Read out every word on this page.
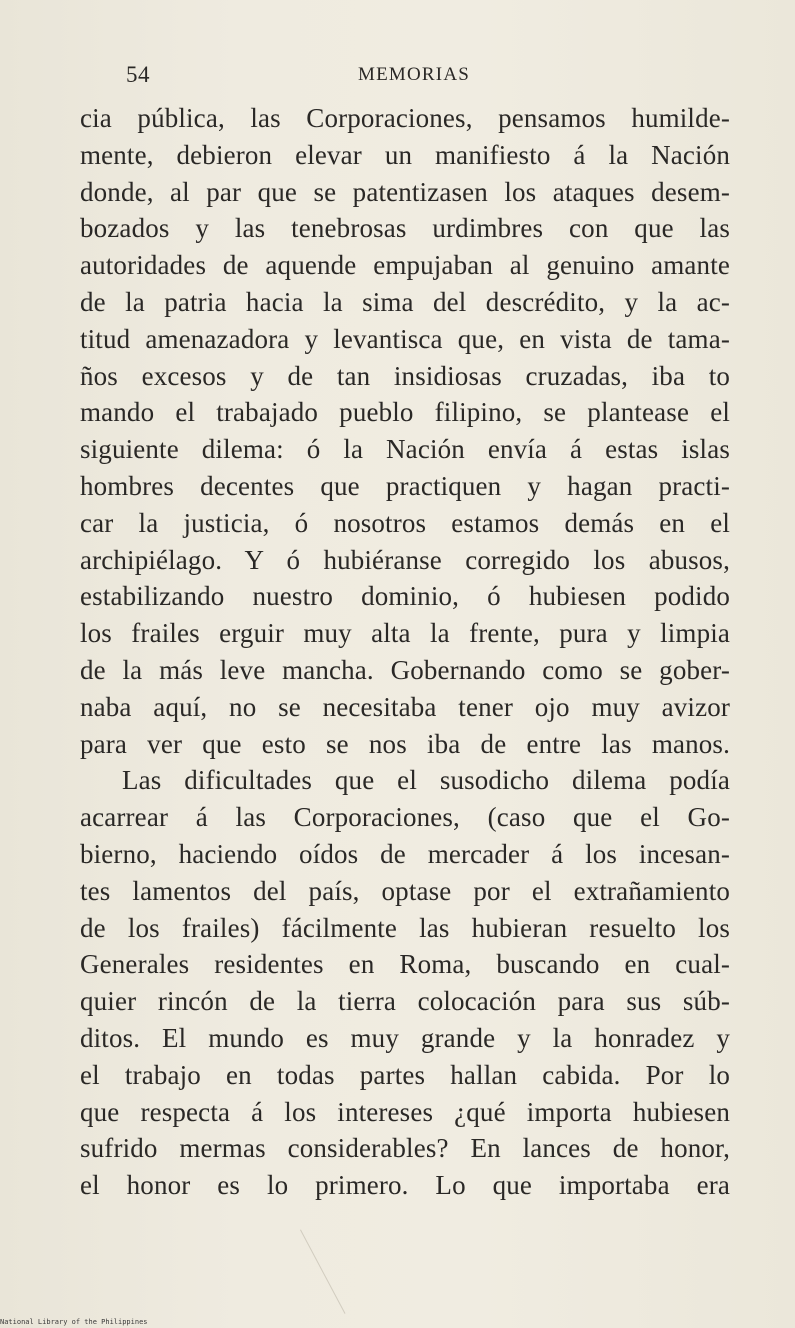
54	MEMORIAS
cia pública, las Corporaciones, pensamos humilde-
mente, debieron elevar un manifiesto á la Nación
donde, al par que se patentizasen los ataques desem-
bozados y las tenebrosas urdimbres con que las
autoridades de aquende empujaban al genuino amante
de la patria hacia la sima del descrédito, y la ac-
titud amenazadora y levantisca que, en vista de tama-
ños excesos y de tan insidiosas cruzadas, iba to
mando el trabajado pueblo filipino, se plantease el
siguiente dilema: ó la Nación envía á estas islas
hombres decentes que practiquen y hagan practi-
car la justicia, ó nosotros estamos demás en el
archipiélago. Y ó hubiéranse corregido los abusos,
estabilizando nuestro dominio, ó hubiesen podido
los frailes erguir muy alta la frente, pura y limpia
de la más leve mancha. Gobernando como se gober-
naba aquí, no se necesitaba tener ojo muy avizor
para ver que esto se nos iba de entre las manos.
Las dificultades que el susodicho dilema podía
acarrear á las Corporaciones, (caso que el Go-
bierno, haciendo oídos de mercader á los incesan-
tes lamentos del país, optase por el extrañamiento
de los frailes) fácilmente las hubieran resuelto los
Generales residentes en Roma, buscando en cual-
quier rincón de la tierra colocación para sus súb-
ditos. El mundo es muy grande y la honradez y
el trabajo en todas partes hallan cabida. Por lo
que respecta á los intereses ¿qué importa hubiesen
sufrido mermas considerables? En lances de honor,
el honor es lo primero. Lo que importaba era
National Library of the Philippines
